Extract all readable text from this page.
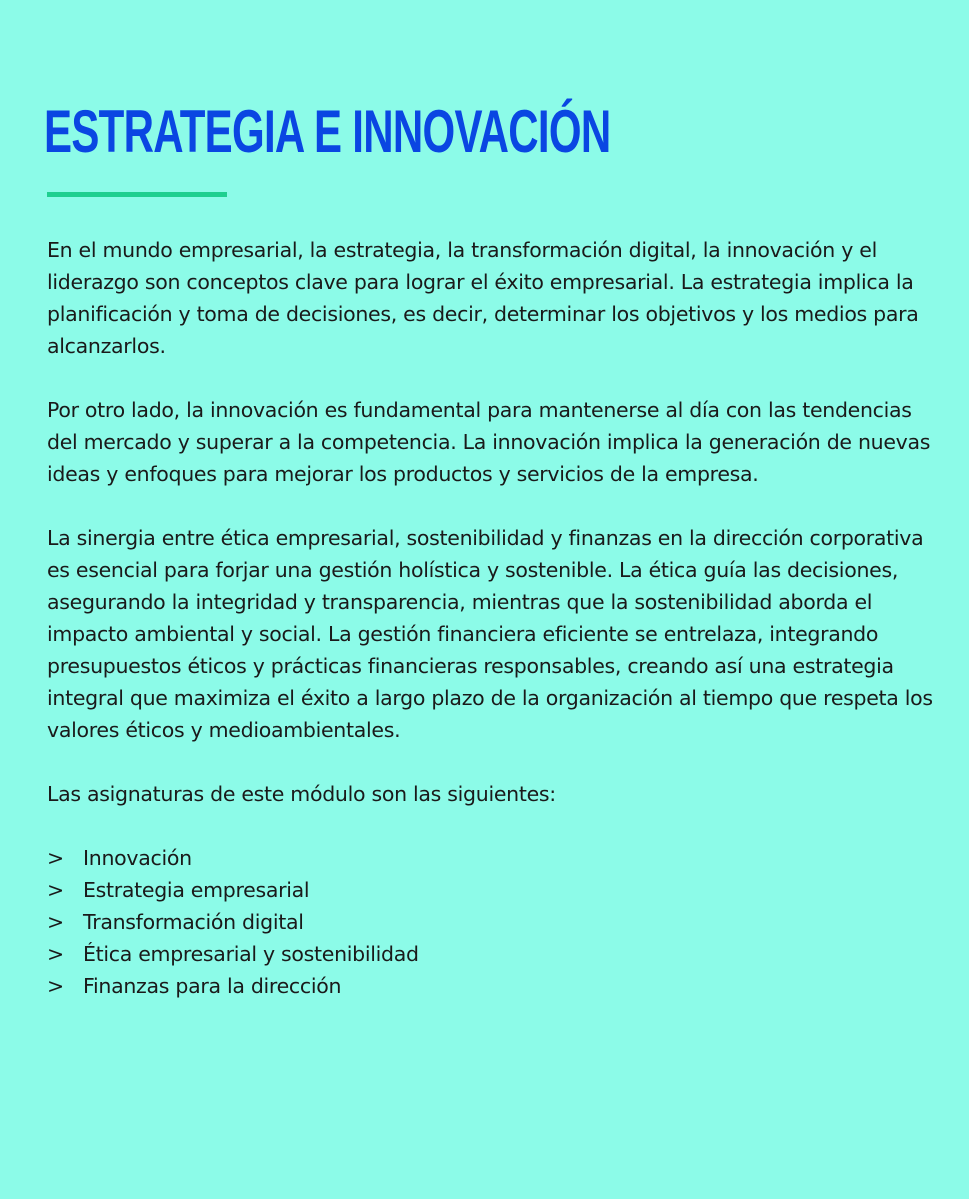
ESTRATEGIA E INNOVACIÓN

En el mundo empresarial, la estrategia, la transformación digital, la innovación y el liderazgo son conceptos clave para lograr el éxito empresarial. La estrategia implica la planificación y toma de decisiones, es decir, determinar los objetivos y los medios para alcanzarlos.

Por otro lado, la innovación es fundamental para mantenerse al día con las tendencias del mercado y superar a la competencia. La innovación implica la generación de nuevas ideas y enfoques para mejorar los productos y servicios de la empresa.

La sinergia entre ética empresarial, sostenibilidad y finanzas en la dirección corporativa es esencial para forjar una gestión holística y sostenible. La ética guía las decisiones, asegurando la integridad y transparencia, mientras que la sostenibilidad aborda el impacto ambiental y social. La gestión financiera eficiente se entrelaza, integrando presupuestos éticos y prácticas financieras responsables, creando así una estrategia integral que maximiza el éxito a largo plazo de la organización al tiempo que respeta los valores éticos y medioambientales.

Las asignaturas de este módulo son las siguientes:

> Innovación
> Estrategia empresarial
> Transformación digital
> Ética empresarial y sostenibilidad
> Finanzas para la dirección
